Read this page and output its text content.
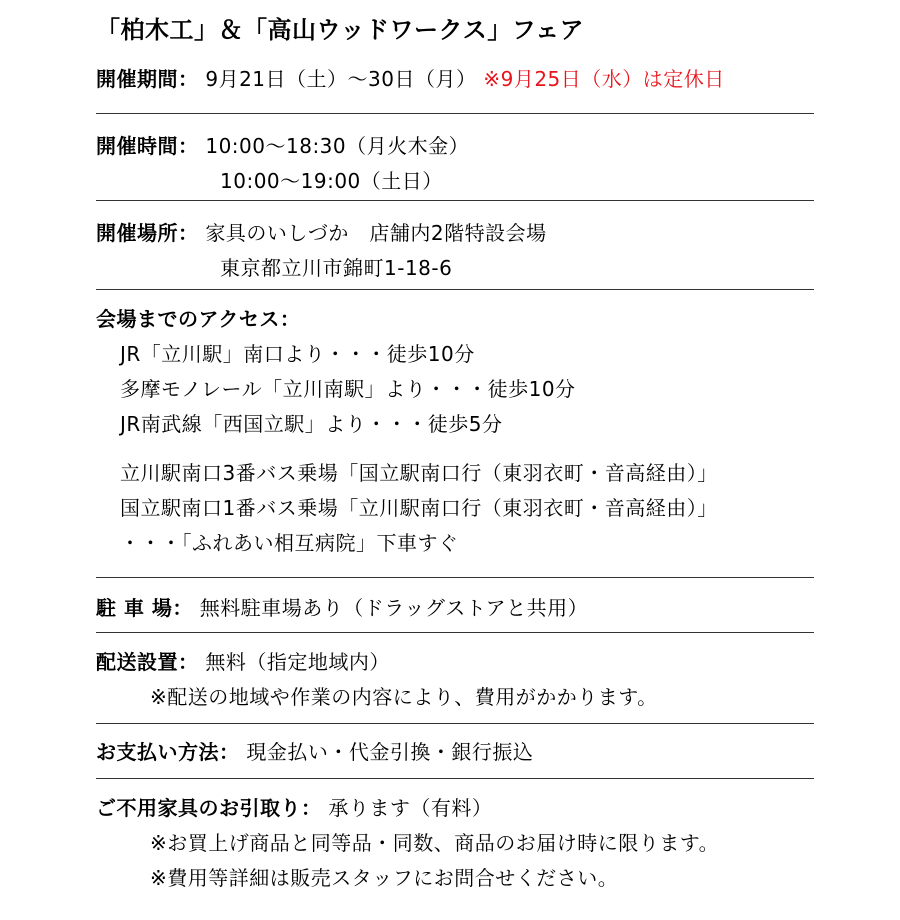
「柏木工」＆「高山ウッドワークス」フェア
開催期間： 9月21日（土）～30日（月） ※9月25日（水）は定休日
開催時間： 10:00～18:30（月火木金）
10:00～19:00（土日）
開催場所： 家具のいしづか　店舗内2階特設会場
東京都立川市錦町1-18-6
会場までのアクセス：
JR「立川駅」南口より・・・徒歩10分
多摩モノレール「立川南駅」より・・・徒歩10分
JR南武線「西国立駅」より・・・徒歩5分
立川駅南口3番バス乗場「国立駅南口行（東羽衣町・音高経由）」
国立駅南口1番バス乗場「立川駅南口行（東羽衣町・音高経由）」
・・・「ふれあい相互病院」下車すぐ
駐 車 場： 無料駐車場あり（ドラッグストアと共用）
配送設置： 無料（指定地域内）
※配送の地域や作業の内容により、費用がかかります。
お支払い方法： 現金払い・代金引換・銀行振込
ご不用家具のお引取り： 承ります（有料）
※お買上げ商品と同等品・同数、商品のお届け時に限ります。
※費用等詳細は販売スタッフにお問合せください。
